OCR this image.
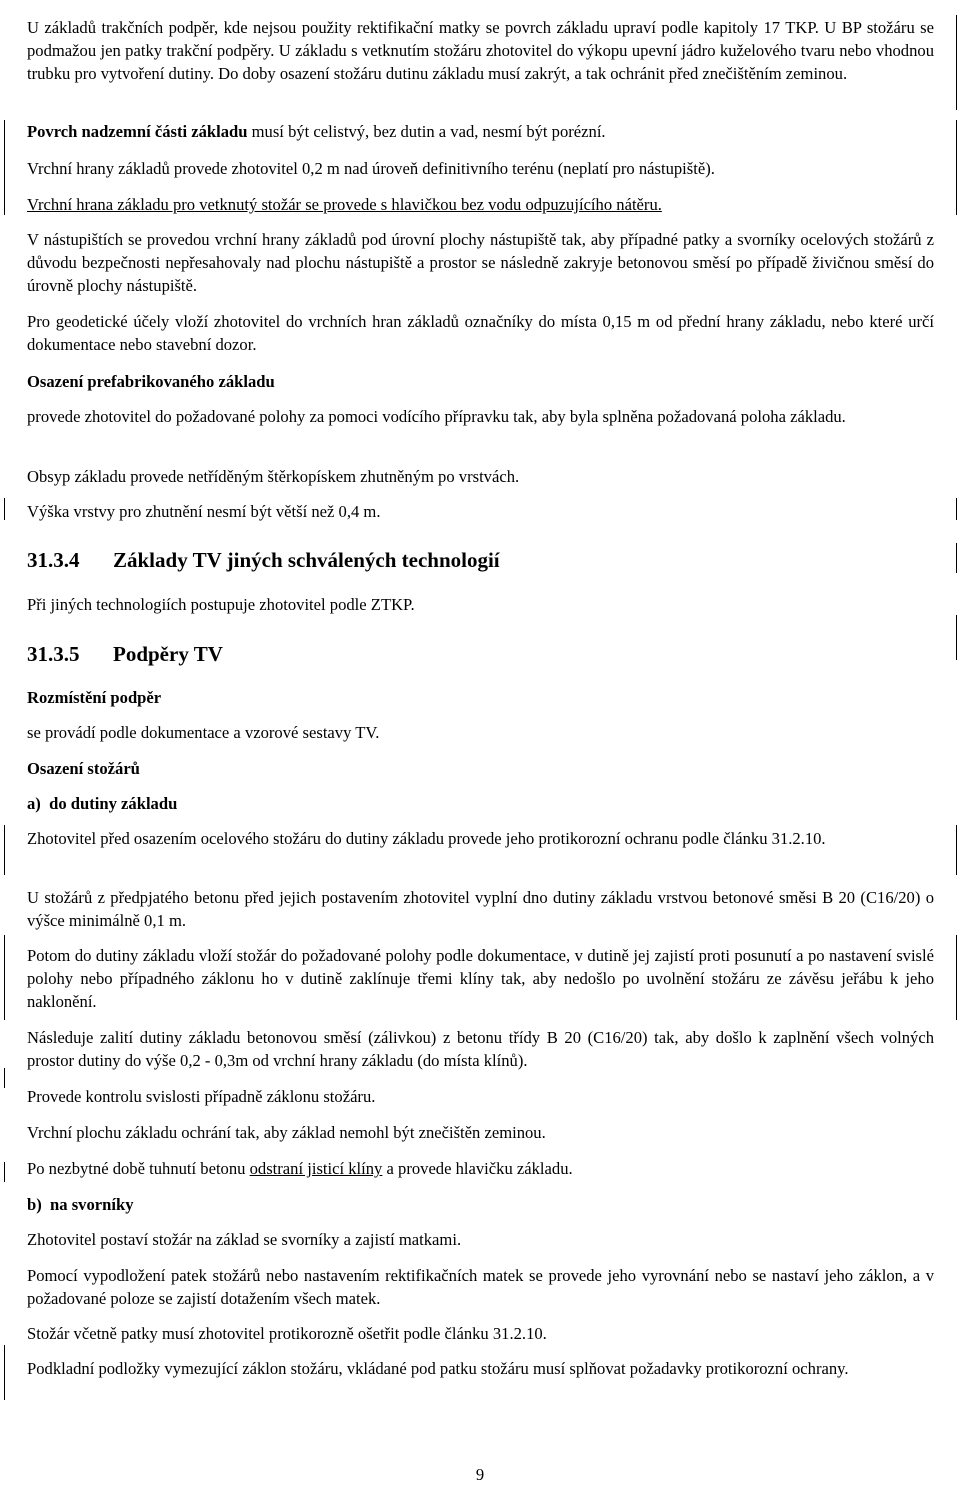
U základů trakčních podpěr, kde nejsou použity rektifikační matky se povrch základu upraví podle kapitoly 17 TKP. U BP stožáru se podmažou jen patky trakční podpěry. U základu s vetknutím stožáru zhotovitel do výkopu upevní jádro kuželového tvaru nebo vhodnou trubku pro vytvoření dutiny. Do doby osazení stožáru dutinu základu musí zakrýt, a tak ochránit před znečištěním zeminou.

Povrch nadzemní části základu musí být celistvý, bez dutin a vad, nesmí být porézní.

Vrchní hrany základů provede zhotovitel 0,2 m nad úroveň definitivního terénu (neplatí pro nástupiště).

Vrchní hrana základu pro vetknutý stožár se provede s hlavičkou bez vodu odpuzujícího nátěru.

V nástupištích se provedou vrchní hrany základů pod úrovní plochy nástupiště tak, aby případné patky a svorníky ocelových stožárů z důvodu bezpečnosti nepřesahovaly nad plochu nástupiště a prostor se následně zakryje betonovou směsí po případě živičnou směsí do úrovně plochy nástupiště.

Pro geodetické účely vloží zhotovitel do vrchních hran základů označníky do místa 0,15 m od přední hrany základu, nebo které určí dokumentace nebo stavební dozor.

Osazení prefabrikovaného základu

provede zhotovitel do požadované polohy za pomoci vodícího přípravku tak, aby byla splněna požadovaná poloha základu.

Obsyp základu provede netříděným štěrkopískem zhutněným po vrstvách.

Výška vrstvy pro zhutnění nesmí být větší než 0,4 m.

31.3.4 Základy TV jiných schválených technologií

Při jiných technologiích postupuje zhotovitel podle ZTKP.

31.3.5 Podpěry TV

Rozmístění podpěr

se provádí podle dokumentace a vzorové sestavy TV.

Osazení stožárů

a)  do dutiny základu

Zhotovitel před osazením ocelového stožáru do dutiny základu provede jeho protikorozní ochranu podle článku 31.2.10.

U stožárů z předpjatého betonu před jejich postavením zhotovitel vyplní dno dutiny základu vrstvou betonové směsi B 20 (C16/20) o výšce minimálně 0,1 m.

Potom do dutiny základu vloží stožár do požadované polohy podle dokumentace, v dutině jej zajistí proti posunutí a po nastavení svislé polohy nebo případného záklonu ho v dutině zaklínuje třemi klíny tak, aby nedošlo po uvolnění stožáru ze závěsu jeřábu k jeho naklonění.

Následuje zalití dutiny základu betonovou směsí (zálivkou) z betonu třídy B 20 (C16/20) tak, aby došlo k zaplnění všech volných prostor dutiny do výše 0,2 - 0,3m od vrchní hrany základu (do místa klínů).

Provede kontrolu svislosti případně záklonu stožáru.

Vrchní plochu základu ochrání tak, aby základ nemohl být znečištěn zeminou.

Po nezbytné době tuhnutí betonu odstraní jisticí klíny a provede hlavičku základu.

b)  na svorníky

Zhotovitel postaví stožár na základ se svorníky a zajistí matkami.

Pomocí vypodložení patek stožárů nebo nastavením rektifikačních matek se provede jeho vyrovnání nebo se nastaví jeho záklon, a v požadované poloze se zajistí dotažením všech matek.

Stožár včetně patky musí zhotovitel protikorozně ošetřit podle článku 31.2.10.

Podkladní podložky vymezující záklon stožáru, vkládané pod patku stožáru musí splňovat požadavky protikorozní ochrany.

9
